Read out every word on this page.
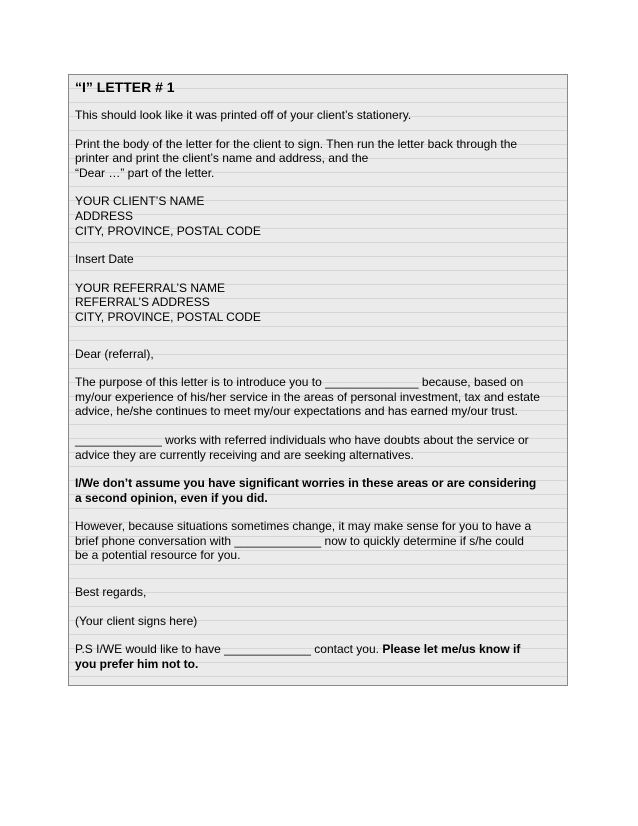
“I” LETTER # 1

This should look like it was printed off of your client’s stationery.

Print the body of the letter for the client to sign. Then run the letter back through the

printer and print the client’s name and address, and the

“Dear …” part of the letter.

YOUR CLIENT’S NAME

ADDRESS

CITY, PROVINCE, POSTAL CODE

Insert Date

YOUR REFERRAL’S NAME

REFERRAL’S ADDRESS

CITY, PROVINCE, POSTAL CODE

Dear (referral),

The purpose of this letter is to introduce you to ______________ because, based on

my/our experience of his/her service in the areas of personal investment, tax and estate

advice, he/she continues to meet my/our expectations and has earned my/our trust.

_____________ works with referred individuals who have doubts about the service or

advice they are currently receiving and are seeking alternatives.

I/We don’t assume you have significant worries in these areas or are considering

a second opinion, even if you did.

However, because situations sometimes change, it may make sense for you to have a

brief phone conversation with _____________ now to quickly determine if s/he could

be a potential resource for you.

Best regards,

(Your client signs here)

P.S I/WE would like to have _____________ contact you. Please let me/us know if

you prefer him not to.
